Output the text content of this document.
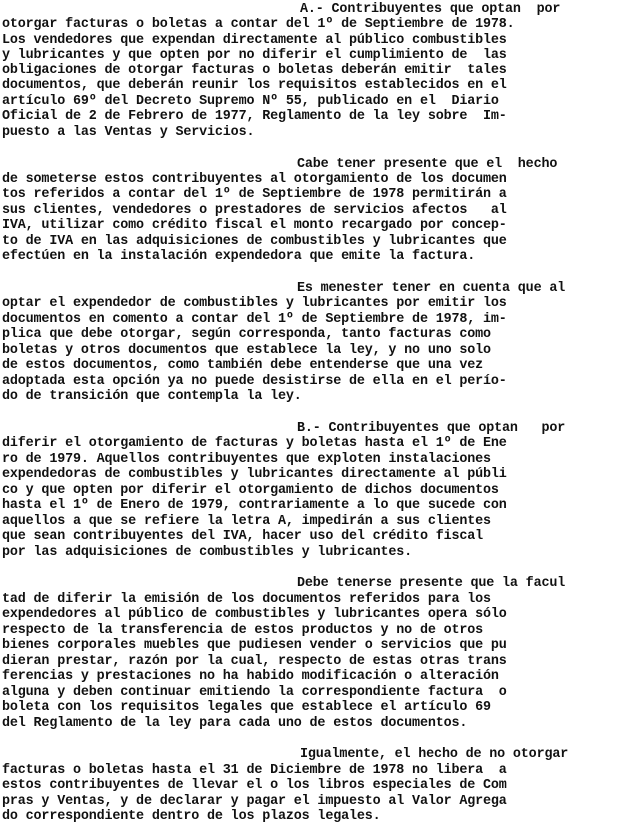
A.- Contribuyentes que optan  por
otorgar facturas o boletas a contar del 1º de Septiembre de 1978.
Los vendedores que expendan directamente al público combustibles
y lubricantes y que opten por no diferir el cumplimiento de  las
obligaciones de otorgar facturas o boletas deberán emitir  tales
documentos, que deberán reunir los requisitos establecidos en el
artículo 69º del Decreto Supremo Nº 55, publicado en el  Diario
Oficial de 2 de Febrero de 1977, Reglamento de la ley sobre  Im-
puesto a las Ventas y Servicios.
Cabe tener presente que el  hecho
de someterse estos contribuyentes al otorgamiento de los documen
tos referidos a contar del 1º de Septiembre de 1978 permitirán a
sus clientes, vendedores o prestadores de servicios afectos   al
IVA, utilizar como crédito fiscal el monto recargado por concep-
to de IVA en las adquisiciones de combustibles y lubricantes que
efectúen en la instalación expendedora que emite la factura.
Es menester tener en cuenta que al
optar el expendedor de combustibles y lubricantes por emitir los
documentos en comento a contar del 1º de Septiembre de 1978, im-
plica que debe otorgar, según corresponda, tanto facturas como
boletas y otros documentos que establece la ley, y no uno solo
de estos documentos, como también debe entenderse que una vez
adoptada esta opción ya no puede desistirse de ella en el perío-
do de transición que contempla la ley.
B.- Contribuyentes que optan   por
diferir el otorgamiento de facturas y boletas hasta el 1º de Ene
ro de 1979. Aquellos contribuyentes que exploten instalaciones
expendedoras de combustibles y lubricantes directamente al públi
co y que opten por diferir el otorgamiento de dichos documentos
hasta el 1º de Enero de 1979, contrariamente a lo que sucede con
aquellos a que se refiere la letra A, impedirán a sus clientes
que sean contribuyentes del IVA, hacer uso del crédito fiscal
por las adquisiciones de combustibles y lubricantes.
Debe tenerse presente que la facul
tad de diferir la emisión de los documentos referidos para los
expendedores al público de combustibles y lubricantes opera sólo
respecto de la transferencia de estos productos y no de otros
bienes corporales muebles que pudiesen vender o servicios que pu
dieran prestar, razón por la cual, respecto de estas otras trans
ferencias y prestaciones no ha habido modificación o alteración
alguna y deben continuar emitiendo la correspondiente factura  o
boleta con los requisitos legales que establece el artículo 69
del Reglamento de la ley para cada uno de estos documentos.
Igualmente, el hecho de no otorgar
facturas o boletas hasta el 31 de Diciembre de 1978 no libera  a
estos contribuyentes de llevar el o los libros especiales de Com
pras y Ventas, y de declarar y pagar el impuesto al Valor Agrega
do correspondiente dentro de los plazos legales.
